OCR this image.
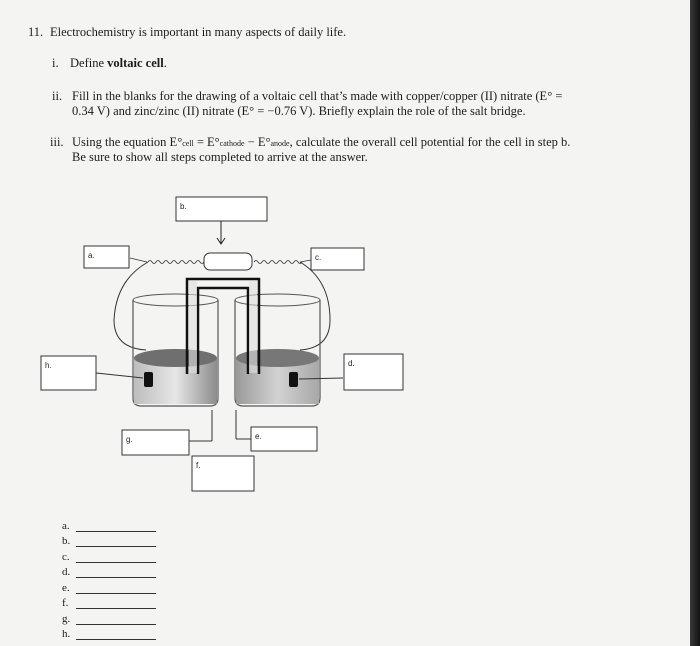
11. Electrochemistry is important in many aspects of daily life.
i. Define voltaic cell.
ii. Fill in the blanks for the drawing of a voltaic cell that’s made with copper/copper (II) nitrate (E° =
0.34 V) and zinc/zinc (II) nitrate (E° = −0.76 V). Briefly explain the role of the salt bridge.
iii. Using the equation E°cell = E°cathode − E°anode, calculate the overall cell potential for the cell in step b.
Be sure to show all steps completed to arrive at the answer.
b.
a.	c.
h.	d.
g.	e.
f.
a.
b.
c.
d.
e.
f.
g.
h.
